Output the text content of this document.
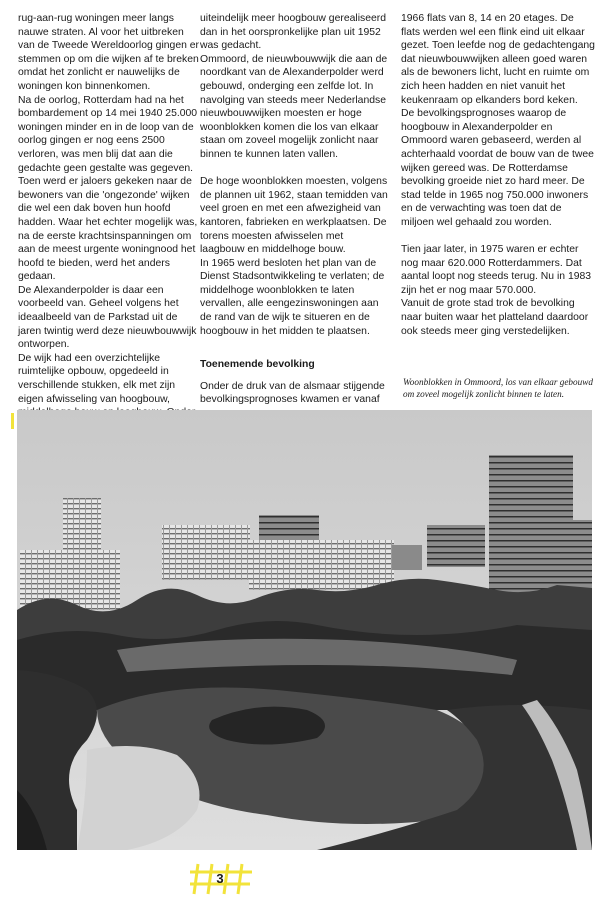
rug-aan-rug woningen meer langs nauwe straten. Al voor het uitbreken van de Tweede Wereldoorlog gingen er stemmen op om die wijken af te breken omdat het zonlicht er nauwelijks de woningen kon binnenkomen.

Na de oorlog, Rotterdam had na het bombardement op 14 mei 1940 25.000 woningen minder en in de loop van de oorlog gingen er nog eens 2500 verloren, was men blij dat aan die gedachte geen gestalte was gegeven.

Toen werd er jaloers gekeken naar de bewoners van die 'ongezonde' wijken die wel een dak boven hun hoofd hadden. Waar het echter mogelijk was, na de eerste krachtsinspanningen om aan de meest urgente woningnood het hoofd te bieden, werd het anders gedaan.

De Alexanderpolder is daar een voorbeeld van. Geheel volgens het ideaalbeeld van de Parkstad uit de jaren twintig werd deze nieuwbouwwijk ontworpen.

De wijk had een overzichtelijke ruimtelijke opbouw, opgedeeld in verschillende stukken, elk met zijn eigen afwisseling van hoogbouw,

uiteindelijk meer hoogbouw gerealiseerd dan in het oorspronkelijke plan uit 1952 was gedacht.

Ommoord, de nieuwbouwwijk die aan de noordkant van de Alexanderpolder werd gebouwd, onderging een zelfde lot. In navolging van steeds meer Nederlandse nieuwbouwwijken moesten er hoge woonblokken komen die los van elkaar staan om zoveel mogelijk zonlicht naar binnen te kunnen laten vallen.

De hoge woonblokken moesten, volgens de plannen uit 1962, staan temidden van veel groen en met een afwezigheid van kantoren, fabrieken en werkplaatsen. De torens moesten afwisselen met laagbouw en middelhoge bouw.

In 1965 werd besloten het plan van de Dienst Stadsontwikkeling te verlaten; de middelhoge woonblokken te laten vervallen, alle eengezinswoningen aan de rand van de wijk te situeren en de hoogbouw in het midden te plaatsen.

Toenemende bevolking

Onder de druk van de alsmaar stijgende bevolkingsprognoses kwamen er vanaf

1966 flats van 8, 14 en 20 etages. De flats werden wel een flink eind uit elkaar gezet. Toen leefde nog de gedachtengang dat nieuwbouwwijken alleen goed waren als de bewoners licht, lucht en ruimte om zich heen hadden en niet vanuit het keukenraam op elkanders bord keken.

De bevolkingsprognoses waarop de hoogbouw in Alexanderpolder en Ommoord waren gebaseerd, werden al achterhaald voordat de bouw van de twee wijken gereed was. De Rotterdamse bevolking groeide niet zo hard meer. De stad telde in 1965 nog 750.000 inwoners en de verwachting was toen dat de miljoen wel gehaald zou worden.

Tien jaar later, in 1975 waren er echter nog maar 620.000 Rotterdammers. Dat aantal loopt nog steeds terug. Nu in 1983 zijn het er nog maar 570.000.

Vanuit de grote stad trok de bevolking naar buiten waar het platteland daardoor ook steeds meer ging verstedelijken.

Woonblokken in Ommoord, los van elkaar gebouwd om zoveel mogelijk zonlicht binnen te laten.
3
